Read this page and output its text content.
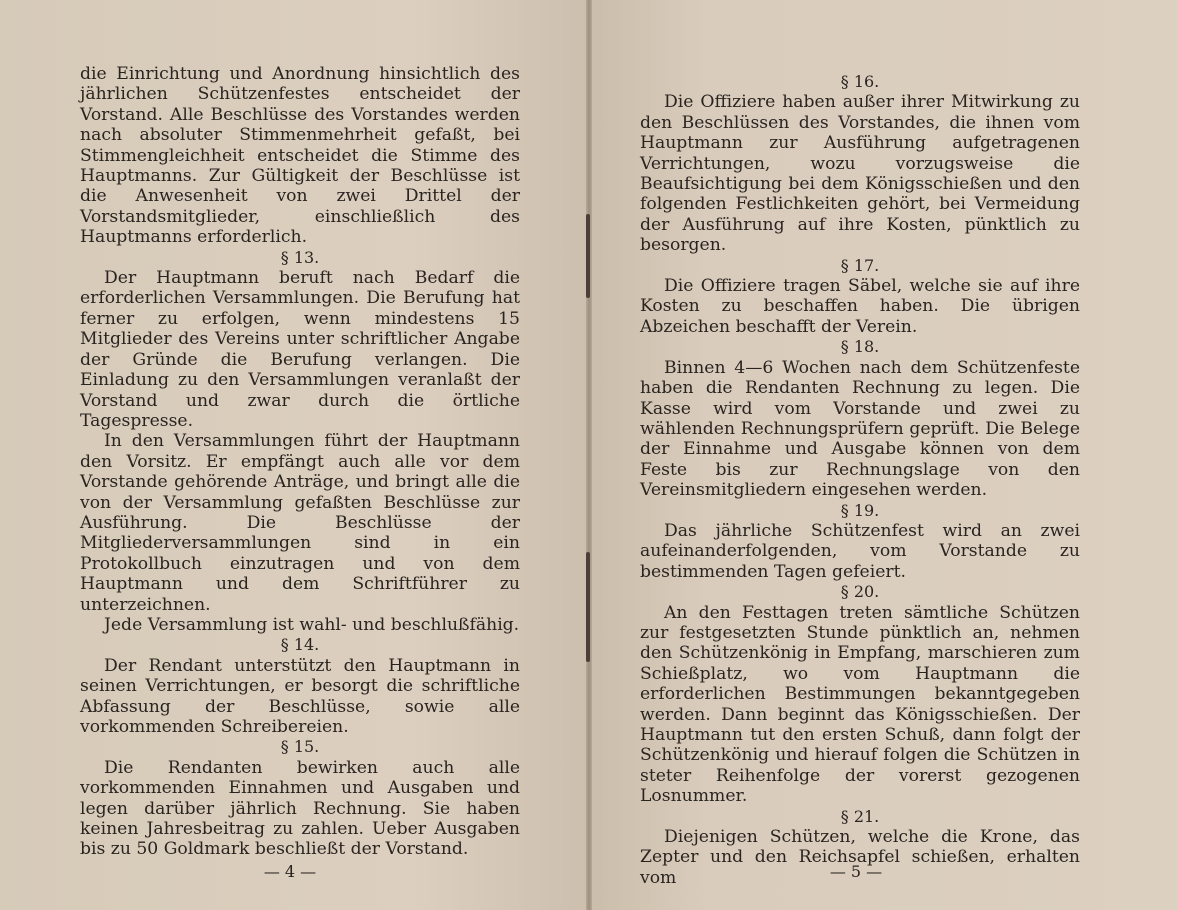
die Einrichtung und Anordnung hinsichtlich des jährlichen Schützenfestes entscheidet der Vorstand. Alle Beschlüsse des Vorstandes werden nach absoluter Stimmenmehrheit gefaßt, bei Stimmengleichheit entscheidet die Stimme des Hauptmanns. Zur Gültigkeit der Beschlüsse ist die Anwesenheit von zwei Drittel der Vorstandsmitglieder, einschließlich des Hauptmanns erforderlich.

§ 13.

Der Hauptmann beruft nach Bedarf die erforderlichen Versammlungen. Die Berufung hat ferner zu erfolgen, wenn mindestens 15 Mitglieder des Vereins unter schriftlicher Angabe der Gründe die Berufung verlangen. Die Einladung zu den Versammlungen veranlaßt der Vorstand und zwar durch die örtliche Tagespresse.

In den Versammlungen führt der Hauptmann den Vorsitz. Er empfängt auch alle vor dem Vorstande gehörende Anträge, und bringt alle die von der Versammlung gefaßten Beschlüsse zur Ausführung. Die Beschlüsse der Mitgliederversammlungen sind in ein Protokollbuch einzutragen und von dem Hauptmann und dem Schriftführer zu unterzeichnen.

Jede Versammlung ist wahl- und beschlußfähig.

§ 14.

Der Rendant unterstützt den Hauptmann in seinen Verrichtungen, er besorgt die schriftliche Abfassung der Beschlüsse, sowie alle vorkommenden Schreibereien.

§ 15.

Die Rendanten bewirken auch alle vorkommenden Einnahmen und Ausgaben und legen darüber jährlich Rechnung. Sie haben keinen Jahresbeitrag zu zahlen. Ueber Ausgaben bis zu 50 Goldmark beschließt der Vorstand.

— 4 —
§ 16.

Die Offiziere haben außer ihrer Mitwirkung zu den Beschlüssen des Vorstandes, die ihnen vom Hauptmann zur Ausführung aufgetragenen Verrichtungen, wozu vorzugsweise die Beaufsichtigung bei dem Königsschießen und den folgenden Festlichkeiten gehört, bei Vermeidung der Ausführung auf ihre Kosten, pünktlich zu besorgen.

§ 17.

Die Offiziere tragen Säbel, welche sie auf ihre Kosten zu beschaffen haben. Die übrigen Abzeichen beschafft der Verein.

§ 18.

Binnen 4—6 Wochen nach dem Schützenfeste haben die Rendanten Rechnung zu legen. Die Kasse wird vom Vorstande und zwei zu wählenden Rechnungsprüfern geprüft. Die Belege der Einnahme und Ausgabe können von dem Feste bis zur Rechnungslage von den Vereinsmitgliedern eingesehen werden.

§ 19.

Das jährliche Schützenfest wird an zwei aufeinanderfolgenden, vom Vorstande zu bestimmenden Tagen gefeiert.

§ 20.

An den Festtagen treten sämtliche Schützen zur festgesetzten Stunde pünktlich an, nehmen den Schützenkönig in Empfang, marschieren zum Schießplatz, wo vom Hauptmann die erforderlichen Bestimmungen bekanntgegeben werden. Dann beginnt das Königsschießen. Der Hauptmann tut den ersten Schuß, dann folgt der Schützenkönig und hierauf folgen die Schützen in steter Reihenfolge der vorerst gezogenen Losnummer.

§ 21.

Diejenigen Schützen, welche die Krone, das Zepter und den Reichsapfel schießen, erhalten vom	— 5 —
